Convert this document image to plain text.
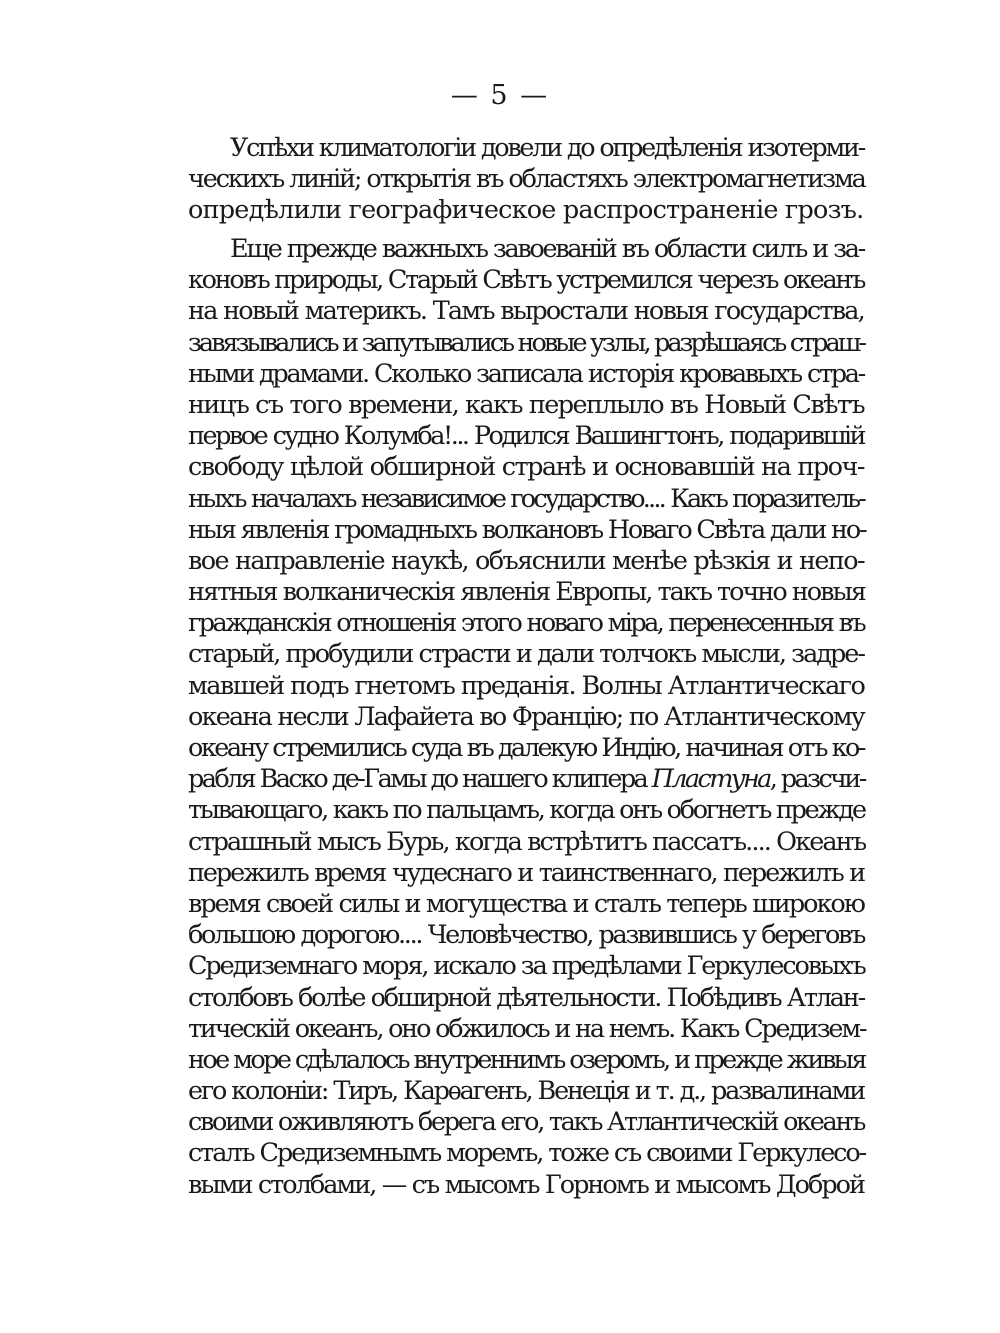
— 5 —
Успѣхи климатологіи довели до опредѣленія изотерми-
ческихъ линій; открытія въ областяхъ электромагнетизма
опредѣлили географическое распространеніе грозъ.
Еще прежде важныхъ завоеваній въ области силъ и за-
коновъ природы, Старый Свѣтъ устремился черезъ океанъ
на новый материкъ. Тамъ выростали новыя государства,
завязывались и запутывались новые узлы, разрѣшаясь страш-
ными драмами. Сколько записала исторія кровавыхъ стра-
ницъ съ того времени, какъ переплыло въ Новый Свѣтъ
первое судно Колумба!... Родился Вашингтонъ, подарившій
свободу цѣлой обширной странѣ и основавшій на проч-
ныхъ началахъ независимое государство.... Какъ поразитель-
ныя явленія громадныхъ волкановъ Новаго Свѣта дали но-
вое направленіе наукѣ, объяснили менѣе рѣзкія и непо-
нятныя волканическія явленія Европы, такъ точно новыя
гражданскія отношенія этого новаго міра, перенесенныя въ
старый, пробудили страсти и дали толчокъ мысли, задре-
мавшей подъ гнетомъ преданія. Волны Атлантическаго
океана несли Лафайета во Францію; по Атлантическому
океану стремились суда въ далекую Индію, начиная отъ ко-
рабля Васко де-Гамы до нашего клипера Пластуна, разсчи-
тывающаго, какъ по пальцамъ, когда онъ обогнетъ прежде
страшный мысъ Бурь, когда встрѣтитъ пассатъ.... Океанъ
пережилъ время чудеснаго и таинственнаго, пережилъ и
время своей силы и могущества и сталъ теперь широкою
большою дорогою.... Человѣчество, развившись у береговъ
Средиземнаго моря, искало за предѣлами Геркулесовыхъ
столбовъ болѣе обширной дѣятельности. Побѣдивъ Атлан-
тическій океанъ, оно обжилось и на немъ. Какъ Средизем-
ное море сдѣлалось внутреннимъ озеромъ, и прежде живыя
его колоніи: Тиръ, Карѳагенъ, Венеція и т. д., развалинами
своими оживляютъ берега его, такъ Атлантическій океанъ
сталъ Средиземнымъ моремъ, тоже съ своими Геркулесо-
выми столбами, — съ мысомъ Горномъ и мысомъ Доброй
